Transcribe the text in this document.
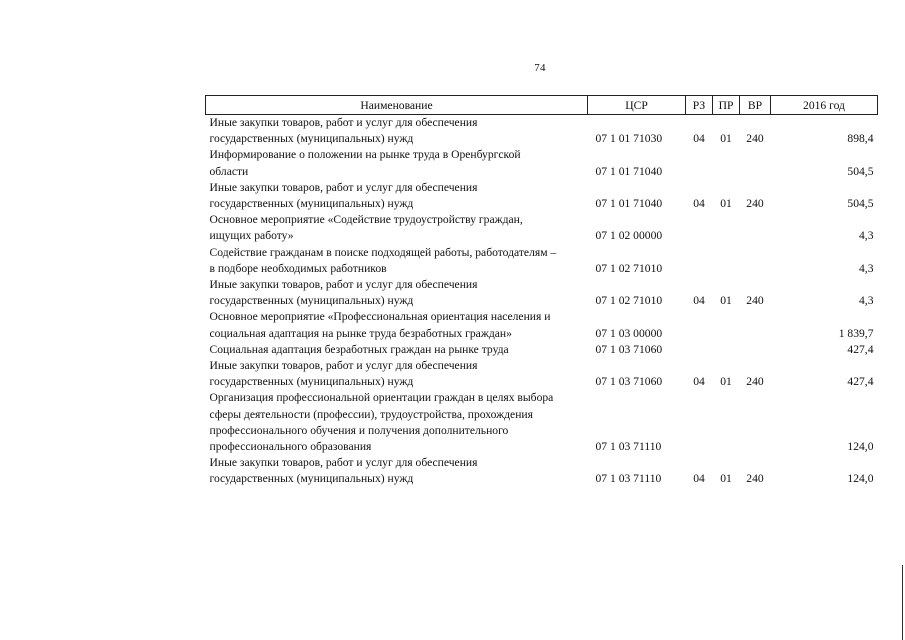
74
Наименование	ЦСР	РЗ	ПР	ВР	2016 год

Иные закупки товаров, работ и услуг для обеспечения
государственных (муниципальных) нужд	07 1 01 71030	04	01	240	898,4

Информирование о положении на рынке труда в Оренбургской
области	07 1 01 71040				504,5

Иные закупки товаров, работ и услуг для обеспечения
государственных (муниципальных) нужд	07 1 01 71040	04	01	240	504,5

Основное мероприятие «Содействие трудоустройству граждан,
ищущих работу»	07 1 02 00000				4,3

Содействие гражданам в поиске подходящей работы, работодателям –
в подборе необходимых работников	07 1 02 71010				4,3

Иные закупки товаров, работ и услуг для обеспечения
государственных (муниципальных) нужд	07 1 02 71010	04	01	240	4,3

Основное мероприятие «Профессиональная ориентация населения и
социальная адаптация на рынке труда безработных граждан»	07 1 03 00000				1 839,7

Социальная адаптация безработных граждан на рынке труда	07 1 03 71060				427,4

Иные закупки товаров, работ и услуг для обеспечения
государственных (муниципальных) нужд	07 1 03 71060	04	01	240	427,4

Организация профессиональной ориентации граждан в целях выбора
сферы деятельности (профессии), трудоустройства, прохождения
профессионального обучения и получения дополнительного
профессионального образования	07 1 03 71110				124,0

Иные закупки товаров, работ и услуг для обеспечения
государственных (муниципальных) нужд	07 1 03 71110	04	01	240	124,0
